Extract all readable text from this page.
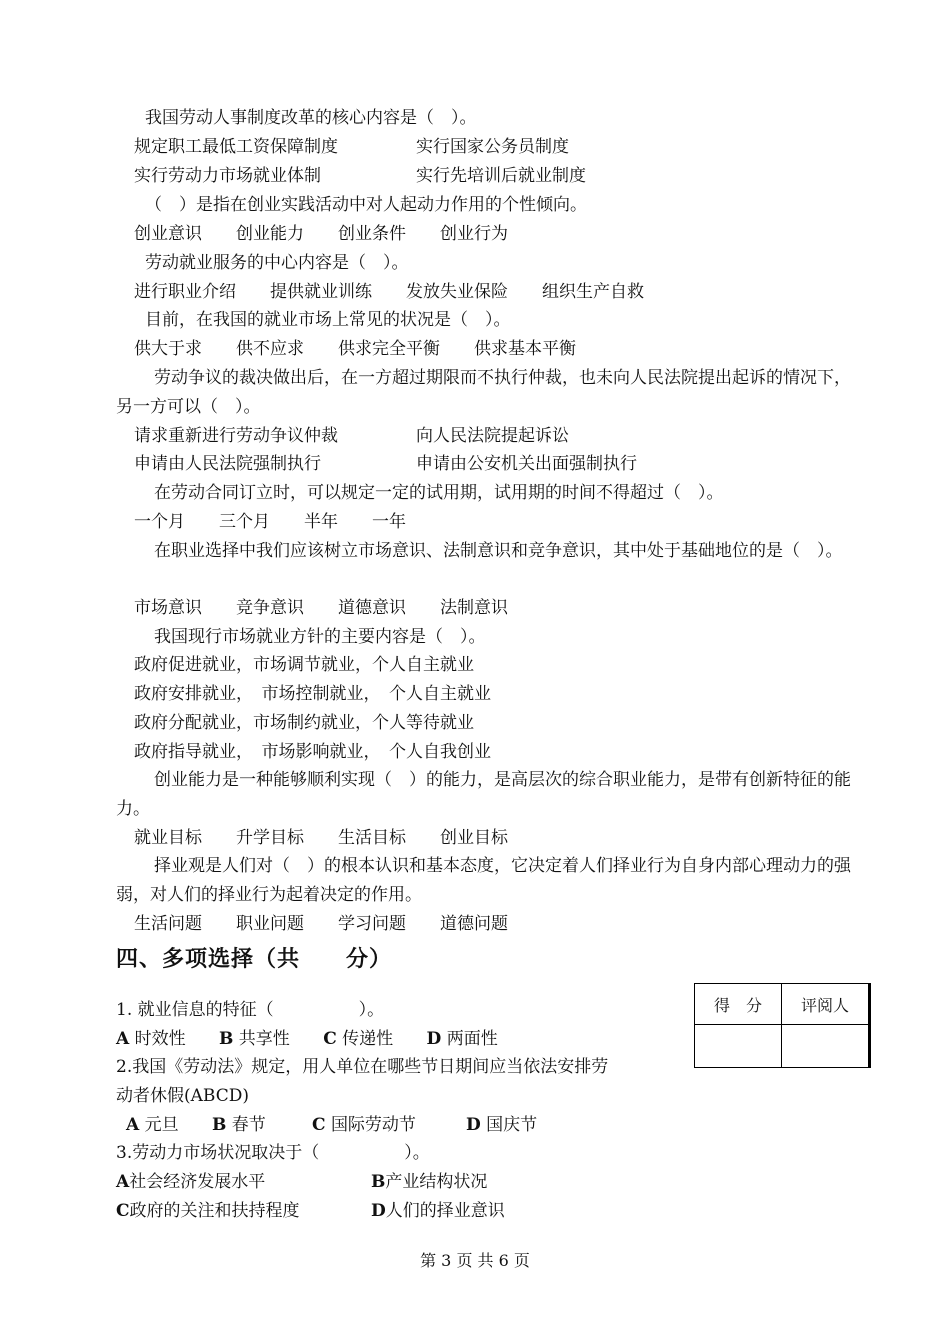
我国劳动人事制度改革的核心内容是（　）。
规定职工最低工资保障制度	实行国家公务员制度
实行劳动力市场就业体制	实行先培训后就业制度
（　）是指在创业实践活动中对人起动力作用的个性倾向。
创业意识 创业能力 创业条件 创业行为
劳动就业服务的中心内容是（　）。
进行职业介绍 提供就业训练 发放失业保险 组织生产自救
目前，在我国的就业市场上常见的状况是（　）。
供大于求 供不应求 供求完全平衡 供求基本平衡
劳动争议的裁决做出后，在一方超过期限而不执行仲裁，也未向人民法院提出起诉的情况下，另一方可以（　）。
请求重新进行劳动争议仲裁	向人民法院提起诉讼
申请由人民法院强制执行	申请由公安机关出面强制执行
在劳动合同订立时，可以规定一定的试用期，试用期的时间不得超过（　）。
一个月 三个月 半年 一年
在职业选择中我们应该树立市场意识、法制意识和竞争意识，其中处于基础地位的是（　）。
市场意识 竞争意识 道德意识 法制意识
我国现行市场就业方针的主要内容是（　）。
政府促进就业，市场调节就业，个人自主就业
政府安排就业，　市场控制就业，　个人自主就业
政府分配就业，市场制约就业，个人等待就业
政府指导就业，　市场影响就业，　个人自我创业
创业能力是一种能够顺利实现（　）的能力，是高层次的综合职业能力，是带有创新特征的能力。
就业目标 升学目标 生活目标 创业目标
择业观是人们对（　）的根本认识和基本态度，它决定着人们择业行为自身内部心理动力的强弱，对人们的择业行为起着决定的作用。
生活问题 职业问题 学习问题 道德问题
四、多项选择（共　　分）
得　分	评阅人

1. 就业信息的特征（　　　　　）。
A 时效性 B 共享性 C 传递性 D 两面性
2.我国《劳动法》规定，用人单位在哪些节日期间应当依法安排劳
动者休假(ABCD)
A 元旦 B 春节	C 国际劳动节	D 国庆节
3.劳动力市场状况取决于（　　　　　）。
A社会经济发展水平	B产业结构状况
C政府的关注和扶持程度	D人们的择业意识
第 3 页 共 6 页
